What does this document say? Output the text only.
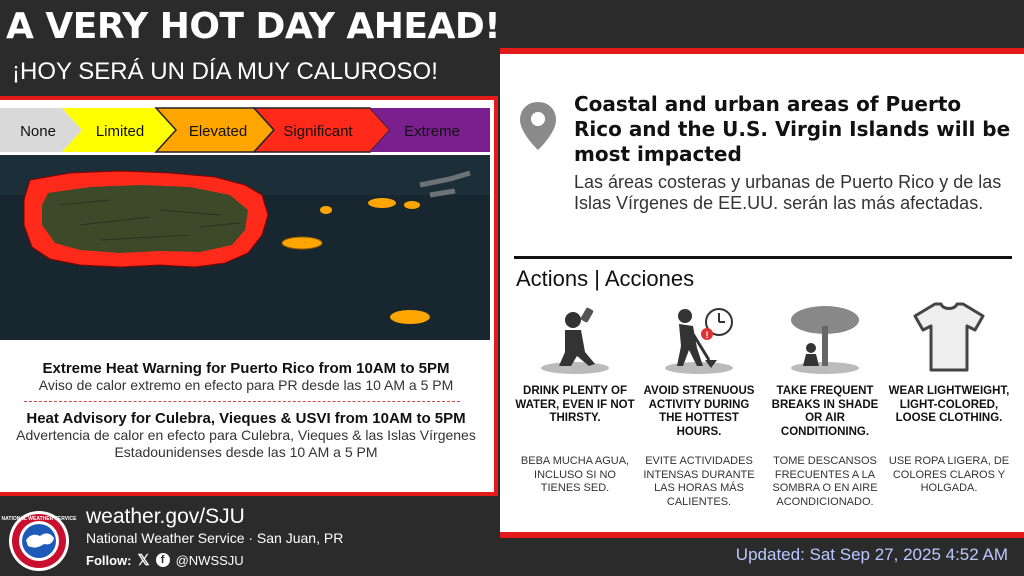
A VERY HOT DAY AHEAD!
¡HOY SERÁ UN DÍA MUY CALUROSO!
None	Limited	Elevated Significant	Extreme
Extreme Heat Warning for Puerto Rico from 10AM to 5PM

Aviso de calor extremo en efecto para PR desde las 10 AM a 5 PM

Heat Advisory for Culebra, Vieques & USVI from 10AM to 5PM

Advertencia de calor en efecto para Culebra, Vieques & las Islas Vírgenes Estadounidenses desde las 10 AM a 5 PM

Coastal and urban areas of Puerto Rico and the U.S. Virgin Islands will be most impacted
Las áreas costeras y urbanas de Puerto Rico y de las Islas Vírgenes de EE.UU. serán las más afectadas.
Actions | Acciones
DRINK PLENTY OF WATER, EVEN IF NOT THIRSTY.
BEBA MUCHA AGUA, INCLUSO SI NO TIENES SED.
!
AVOID STRENUOUS ACTIVITY DURING THE HOTTEST HOURS.
EVITE ACTIVIDADES INTENSAS DURANTE LAS HORAS MÁS CALIENTES.
TAKE FREQUENT BREAKS IN SHADE OR AIR CONDITIONING.
TOME DESCANSOS FRECUENTES A LA SOMBRA O EN AIRE ACONDICIONADO.
WEAR LIGHTWEIGHT, LIGHT-COLORED, LOOSE CLOTHING.
USE ROPA LIGERA, DE COLORES CLAROS Y HOLGADA.
NATIONAL WEATHER SERVICE weather.gov/SJU
National Weather Service · San Juan, PR
Follow: 𝕏	f @NWSSJU	Updated: Sat Sep 27, 2025 4:52 AM
